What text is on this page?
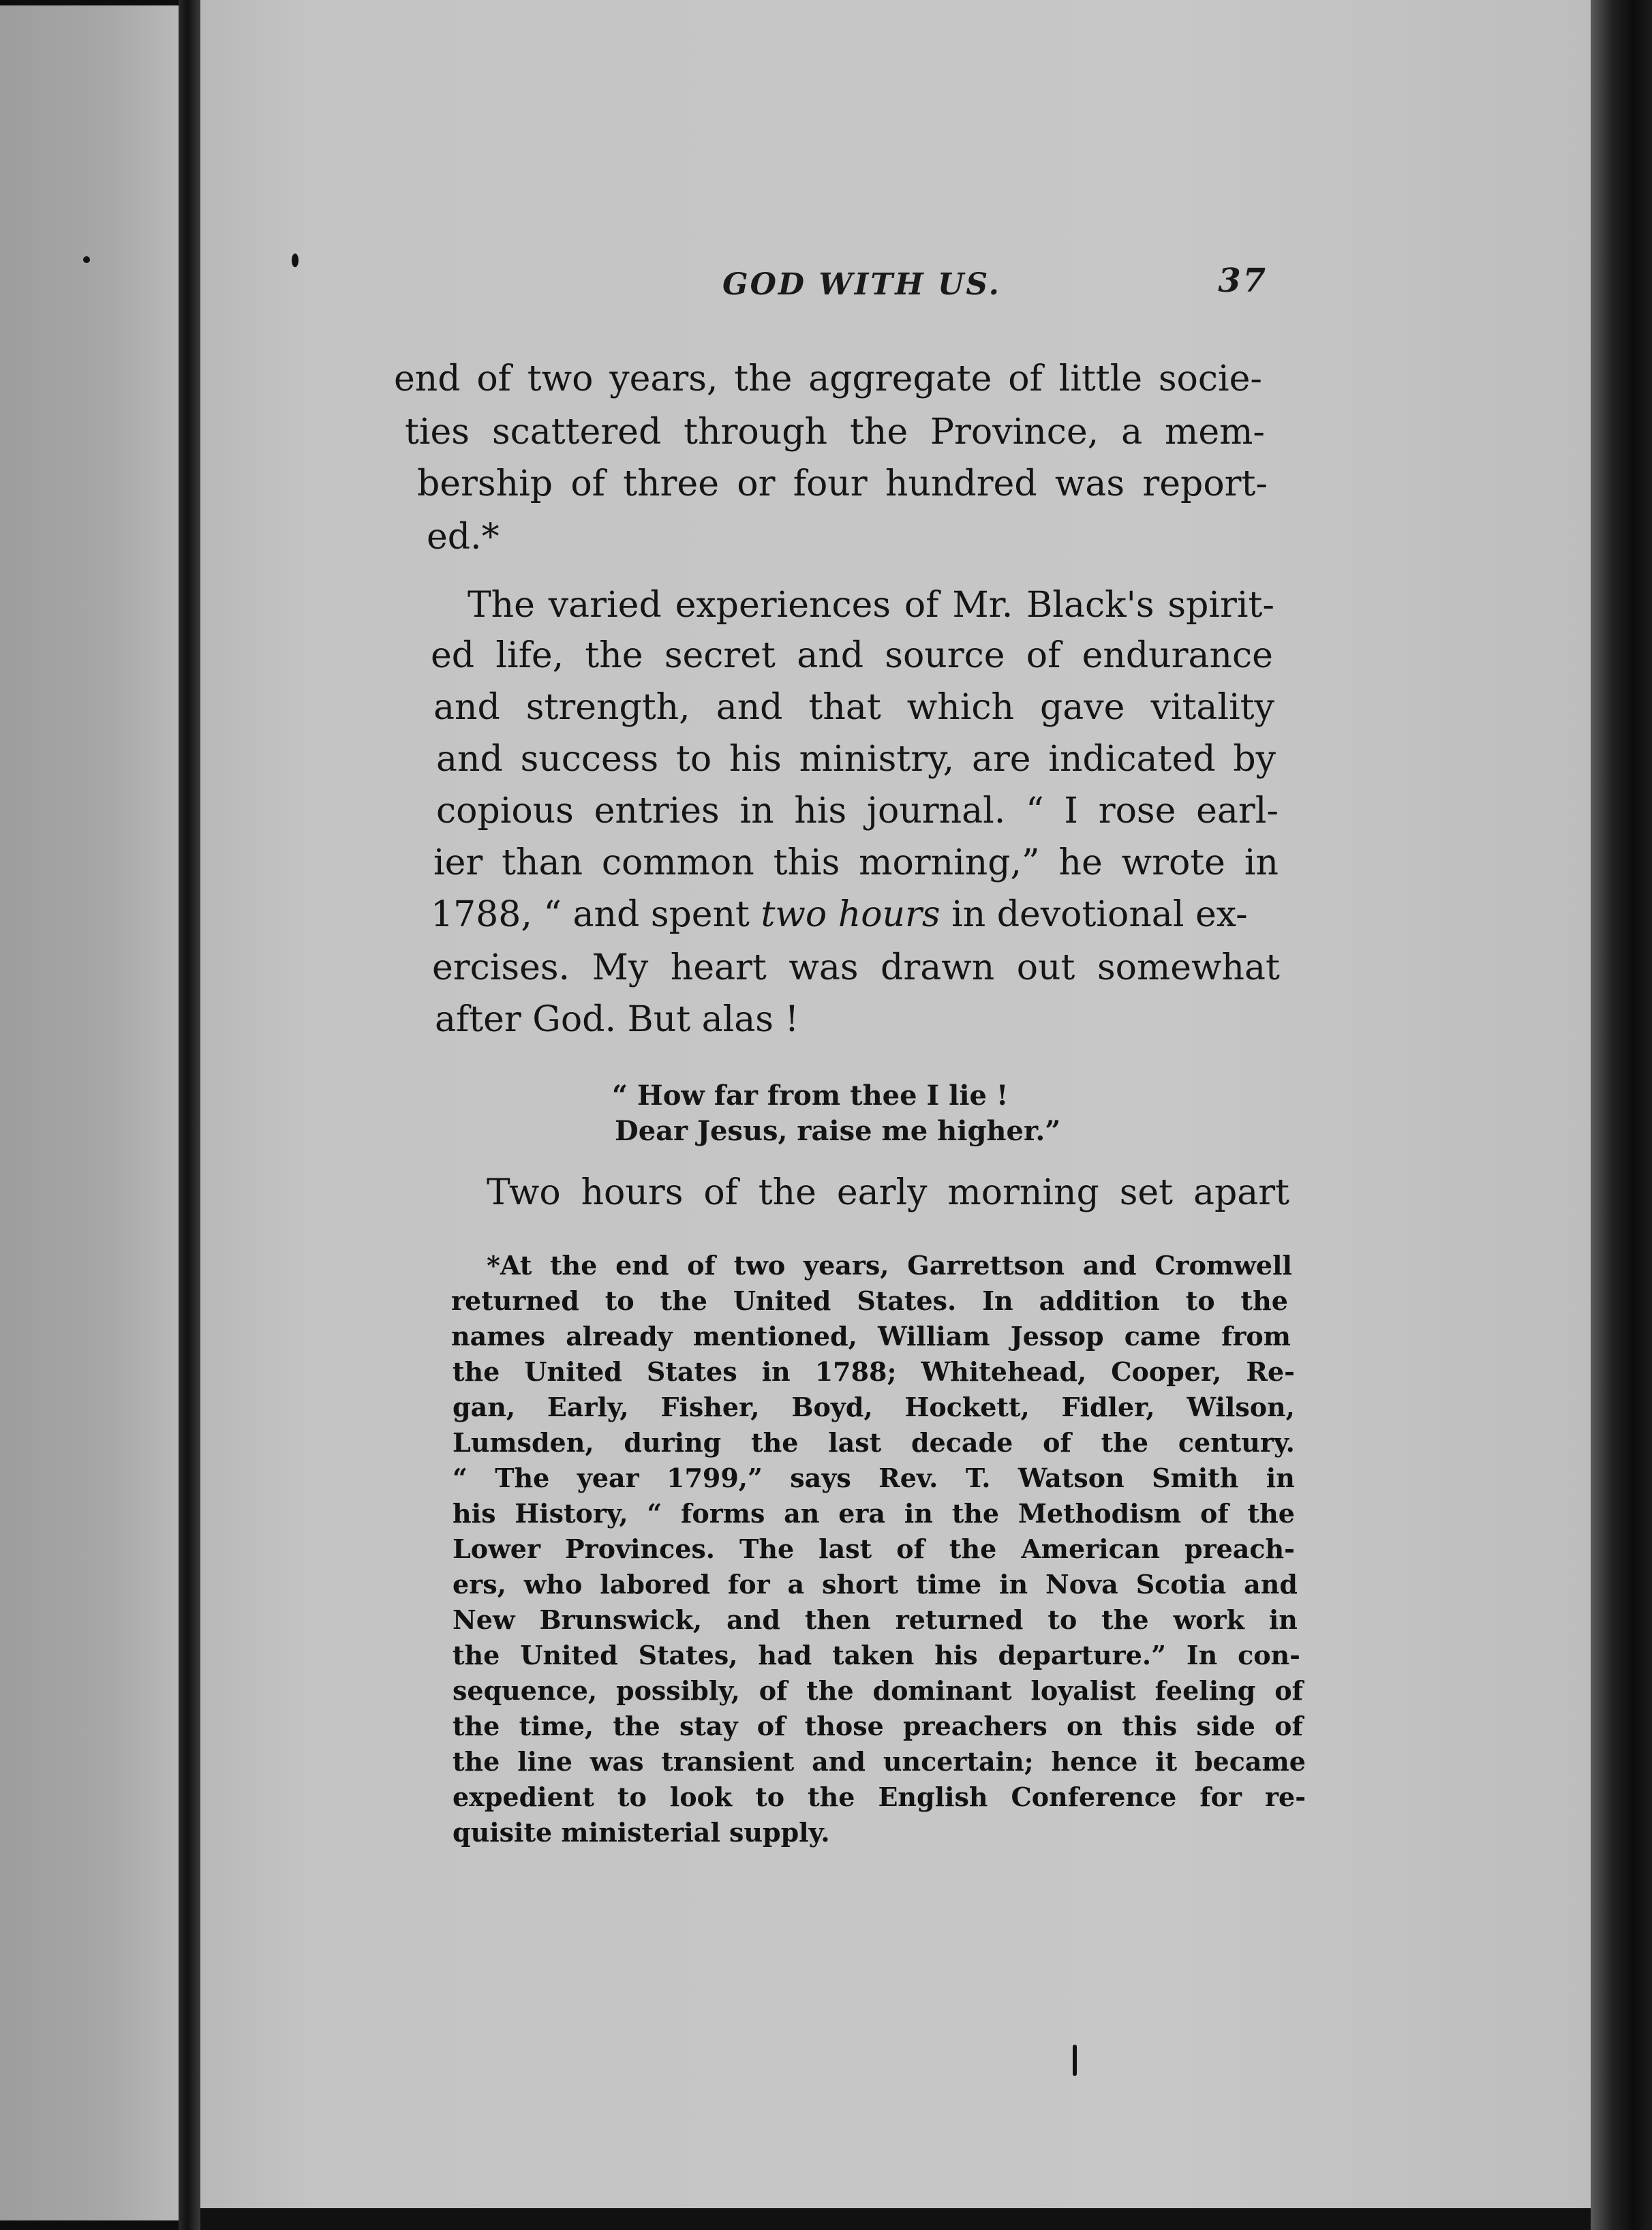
GOD WITH US.	37
end of two years, the aggregate of little socie-
ties scattered through the Province, a mem-
bership of three or four hundred was report-
ed.*
The varied experiences of Mr. Black's spirit-
ed life, the secret and source of endurance
and strength, and that which gave vitality
and success to his ministry, are indicated by
copious entries in his journal. “ I rose earl-
ier than common this morning,” he wrote in
1788, “ and spent two hours in devotional ex-
ercises. My heart was drawn out somewhat
after God. But alas !
“ How far from thee I lie !
Dear Jesus, raise me higher.”
Two hours of the early morning set apart
*At the end of two years, Garrettson and Cromwell
returned to the United States. In addition to the
names already mentioned, William Jessop came from
the United States in 1788; Whitehead, Cooper, Re-
gan, Early, Fisher, Boyd, Hockett, Fidler, Wilson,
Lumsden, during the last decade of the century.
“ The year 1799,” says Rev. T. Watson Smith in
his History, “ forms an era in the Methodism of the
Lower Provinces. The last of the American preach-
ers, who labored for a short time in Nova Scotia and
New Brunswick, and then returned to the work in
the United States, had taken his departure.” In con-
sequence, possibly, of the dominant loyalist feeling of
the time, the stay of those preachers on this side of
the line was transient and uncertain; hence it became
expedient to look to the English Conference for re-
quisite ministerial supply.
